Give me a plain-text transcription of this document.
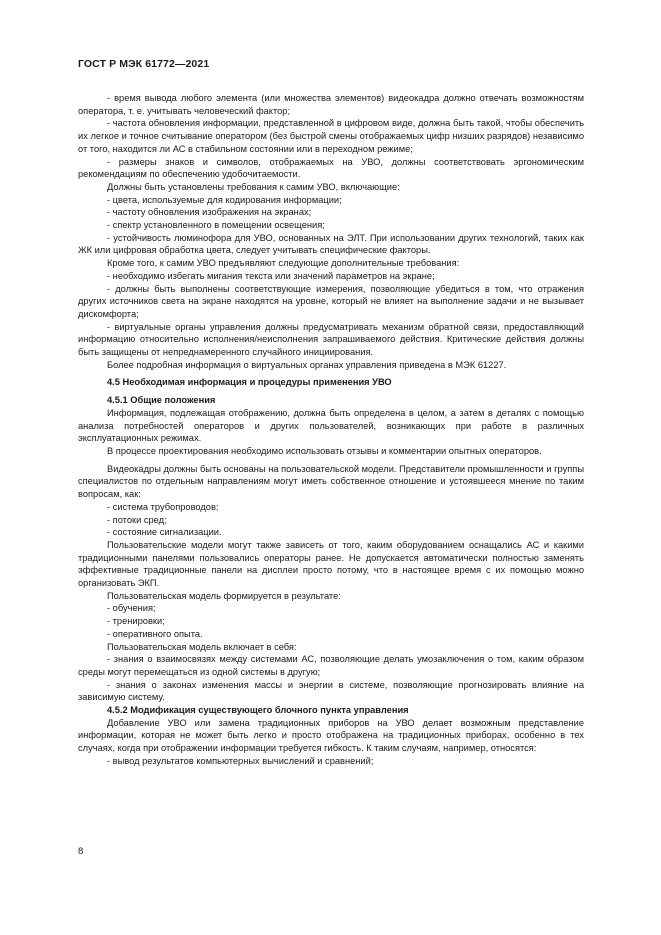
ГОСТ Р МЭК 61772—2021

- время вывода любого элемента (или множества элементов) видеокадра должно отвечать возможностям оператора, т. е. учитывать человеческий фактор;

- частота обновления информации, представленной в цифровом виде, должна быть такой, чтобы обеспечить их легкое и точное считывание оператором (без быстрой смены отображаемых цифр низших разрядов) независимо от того, находится ли АС в стабильном состоянии или в переходном режиме;

- размеры знаков и символов, отображаемых на УВО, должны соответствовать эргономическим рекомендациям по обеспечению удобочитаемости.

Должны быть установлены требования к самим УВО, включающие:

- цвета, используемые для кодирования информации;

- частоту обновления изображения на экранах;

- спектр установленного в помещении освещения;

- устойчивость люминофора для УВО, основанных на ЭЛТ. При использовании других технологий, таких как ЖК или цифровая обработка цвета, следует учитывать специфические факторы.

Кроме того, к самим УВО предъявляют следующие дополнительные требования:

- необходимо избегать мигания текста или значений параметров на экране;

- должны быть выполнены соответствующие измерения, позволяющие убедиться в том, что отражения других источников света на экране находятся на уровне, который не влияет на выполнение задачи и не вызывает дискомфорта;

- виртуальные органы управления должны предусматривать механизм обратной связи, предоставляющий информацию относительно исполнения/неисполнения запрашиваемого действия. Критические действия должны быть защищены от непреднамеренного случайного инициирования.

Более подробная информация о виртуальных органах управления приведена в МЭК 61227.

4.5 Необходимая информация и процедуры применения УВО

4.5.1 Общие положения

Информация, подлежащая отображению, должна быть определена в целом, а затем в деталях с помощью анализа потребностей операторов и других пользователей, возникающих при работе в различных эксплуатационных режимах.

В процессе проектирования необходимо использовать отзывы и комментарии опытных операторов.

Видеокадры должны быть основаны на пользовательской модели. Представители промышленности и группы специалистов по отдельным направлениям могут иметь собственное отношение и устоявшееся мнение по таким вопросам, как:

- система трубопроводов;

- потоки сред;

- состояние сигнализации.

Пользовательские модели могут также зависеть от того, каким оборудованием оснащались АС и какими традиционными панелями пользовались операторы ранее. Не допускается автоматически полностью заменять эффективные традиционные панели на дисплеи просто потому, что в настоящее время с их помощью можно организовать ЭКП.

Пользовательская модель формируется в результате:

- обучения;

- тренировки;

- оперативного опыта.

Пользовательская модель включает в себя:

- знания о взаимосвязях между системами АС, позволяющие делать умозаключения о том, каким образом среды могут перемещаться из одной системы в другую;

- знания о законах изменения массы и энергии в системе, позволяющие прогнозировать влияние на зависимую систему.

4.5.2 Модификация существующего блочного пункта управления

Добавление УВО или замена традиционных приборов на УВО делает возможным представление информации, которая не может быть легко и просто отображена на традиционных приборах, особенно в тех случаях, когда при отображении информации требуется гибкость. К таким случаям, например, относятся:

- вывод результатов компьютерных вычислений и сравнений;

8
